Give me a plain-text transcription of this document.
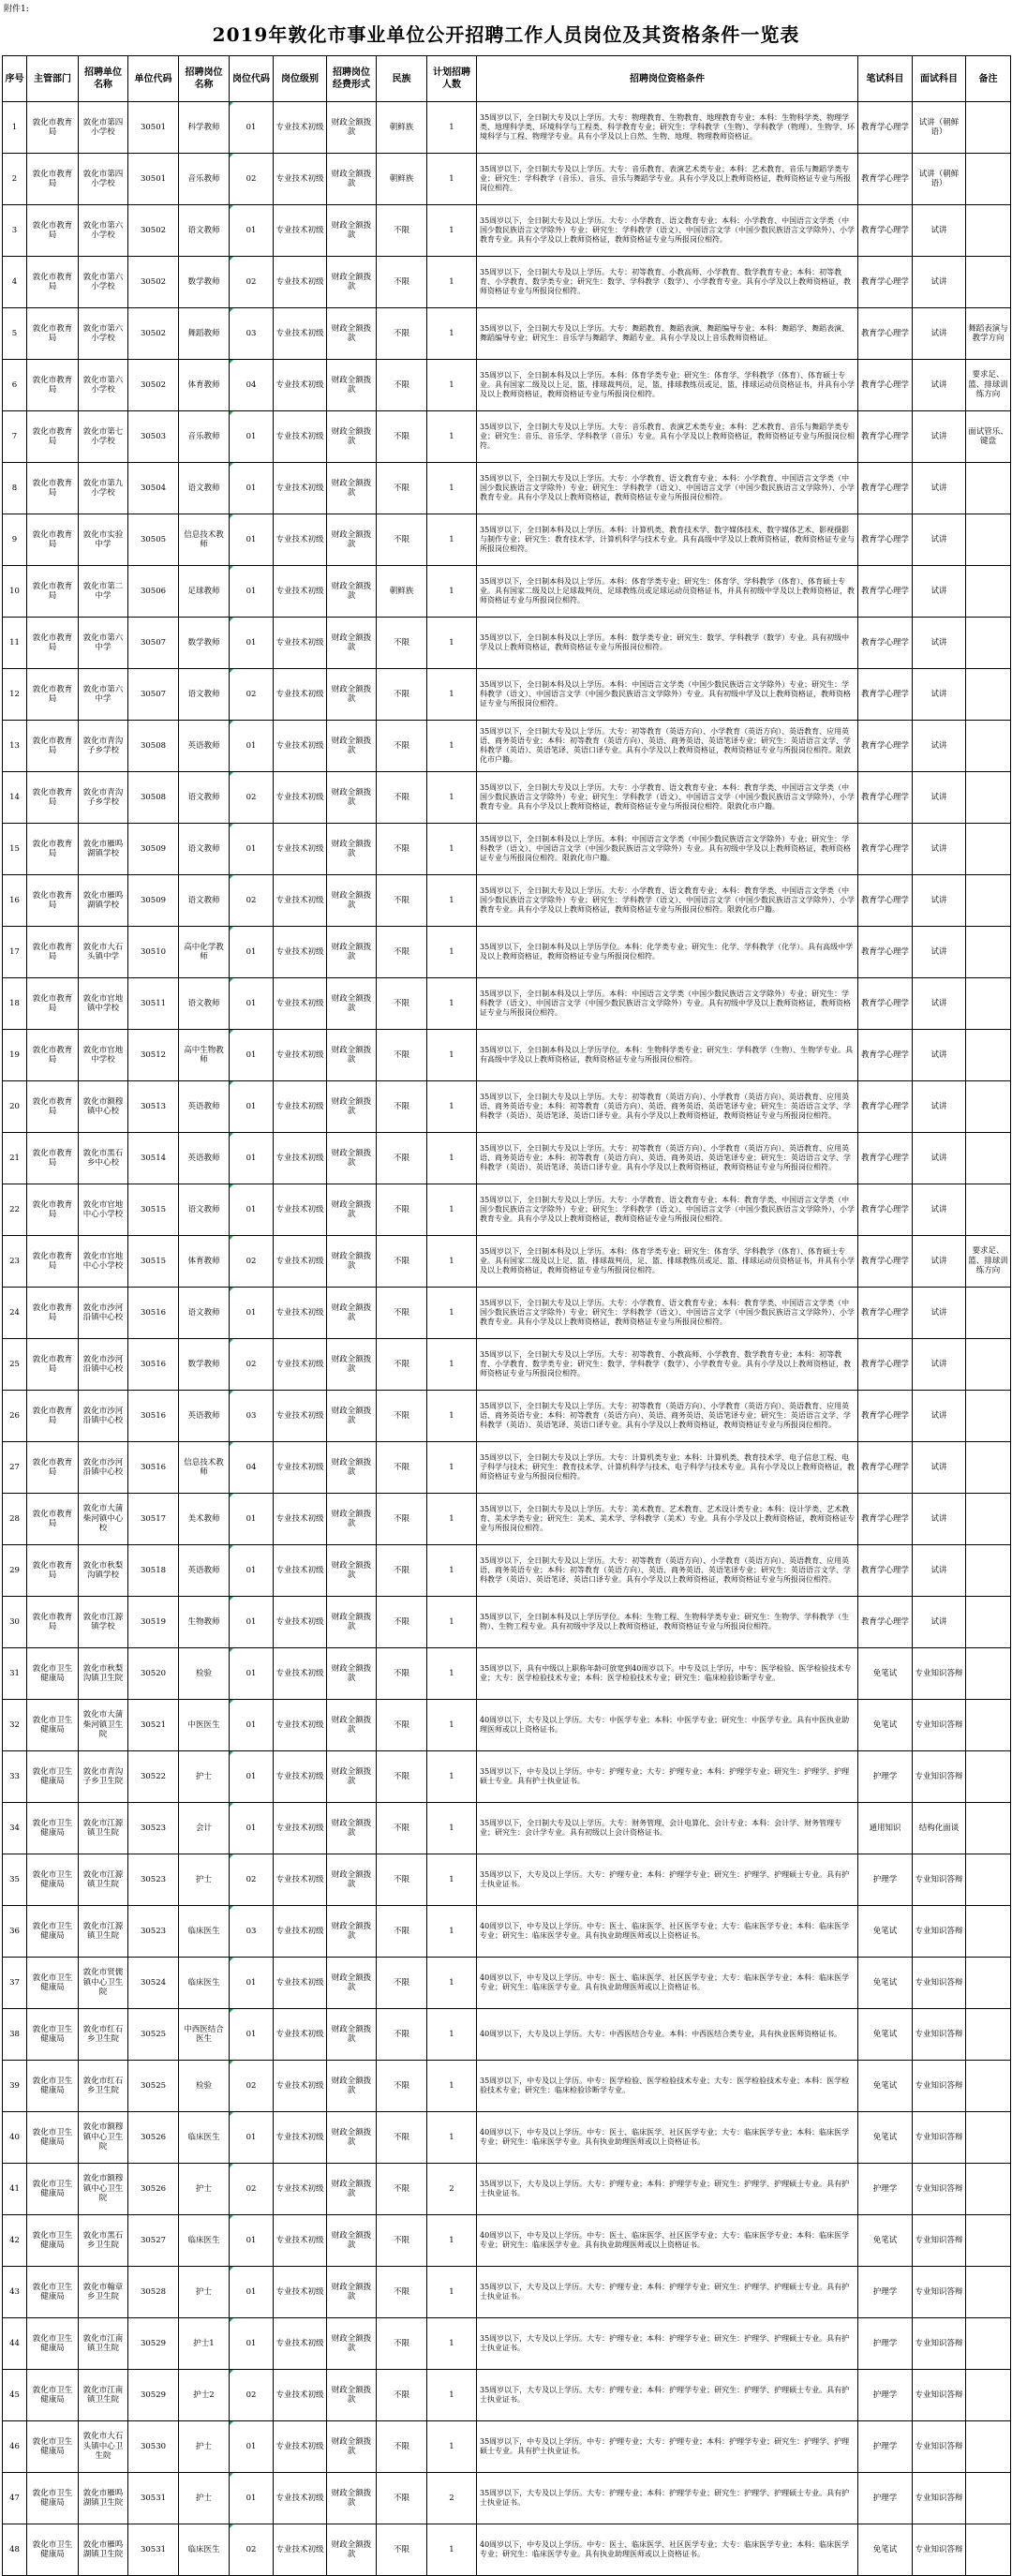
附件1:
2019年敦化市事业单位公开招聘工作人员岗位及其资格条件一览表
序号	主管部门	招聘单位名称	单位代码	招聘岗位名称	岗位代码	岗位级别	招聘岗位经费形式	民族	计划招聘人数	招聘岗位资格条件	笔试科目	面试科目	备注
1	敦化市教育局	敦化市第四小学校	30501	科学教师	01	专业技术初级	财政全额拨款	朝鲜族	1	35周岁以下，全日制大专及以上学历。大专：物理教育、生物教育、地理教育专业；本科：生物科学类、物理学类、地理科学类、环境科学与工程类、科学教育专业；研究生：学科教学（生物）、学科教学（物理）、生物学、环境科学与工程、物理学专业。具有小学及以上自然、生物、地理、物理教师资格证。	教育学心理学	试讲（朝鲜语）	
2	敦化市教育局	敦化市第四小学校	30501	音乐教师	02	专业技术初级	财政全额拨款	朝鲜族	1	35周岁以下，全日制大专及以上学历。大专：音乐教育、表演艺术类专业；本科：艺术教育、音乐与舞蹈学类专业；研究生：学科教学（音乐）、音乐、音乐与舞蹈学专业。具有小学及以上教师资格证，教师资格证专业与所报岗位相符。	教育学心理学	试讲（朝鲜语）	
3	敦化市教育局	敦化市第六小学校	30502	语文教师	01	专业技术初级	财政全额拨款	不限	1	35周岁以下，全日制大专及以上学历。大专：小学教育、语文教育专业；本科：小学教育、中国语言文学类（中国少数民族语言文学除外）专业；研究生：学科教学（语文）、中国语言文学（中国少数民族语言文学除外）、小学教育专业。具有小学及以上教师资格证，教师资格证专业与所报岗位相符。	教育学心理学	试讲	
4	敦化市教育局	敦化市第六小学校	30502	数学教师	02	专业技术初级	财政全额拨款	不限	1	35周岁以下，全日制大专及以上学历。大专：初等教育、小教高师、小学教育、数学教育专业；本科：初等教育、小学教育、数学类专业；研究生：数学、学科教学（数学）、小学教育专业。具有小学及以上教师资格证，教师资格证专业与所报岗位相符。	教育学心理学	试讲	
5	敦化市教育局	敦化市第六小学校	30502	舞蹈教师	03	专业技术初级	财政全额拨款	不限	1	35周岁以下，全日制大专及以上学历。大专：舞蹈教育、舞蹈表演、舞蹈编导专业；本科：舞蹈学、舞蹈表演、舞蹈编导专业；研究生：音乐学与舞蹈学、舞蹈专业。具有小学及以上音乐教师资格证。	教育学心理学	试讲	舞蹈表演与教学方向
6	敦化市教育局	敦化市第六小学校	30502	体育教师	04	专业技术初级	财政全额拨款	不限	1	35周岁以下，全日制本科及以上学历。本科：体育学类专业；研究生：体育学、学科教学（体育）、体育硕士专业。具有国家二级及以上足、篮、排球裁判员，足、篮、排球教练员或足、篮、排球运动员资格证书，并具有小学及以上教师资格证，教师资格证专业与所报岗位相符。	教育学心理学	试讲	要求足、篮、排球训练方向
7	敦化市教育局	敦化市第七小学校	30503	音乐教师	01	专业技术初级	财政全额拨款	不限	1	35周岁以下，全日制大专及以上学历。大专：音乐教育、表演艺术类专业；本科：艺术教育、音乐与舞蹈学类专业；研究生：音乐、音乐学、学科教学（音乐）专业。具有小学及以上教师资格证，教师资格证专业与所报岗位相符。	教育学心理学	试讲	面试管乐、键盘
8	敦化市教育局	敦化市第九小学校	30504	语文教师	01	专业技术初级	财政全额拨款	不限	1	35周岁以下，全日制大专及以上学历。大专：小学教育、语文教育专业；本科：小学教育、中国语言文学类（中国少数民族语言文学除外）专业；研究生：学科教学（语文）、中国语言文学（中国少数民族语言文学除外）、小学教育专业。具有小学及以上教师资格证，教师资格证专业与所报岗位相符。	教育学心理学	试讲	
9	敦化市教育局	敦化市实验中学	30505	信息技术教师	01	专业技术初级	财政全额拨款	不限	1	35周岁以下，全日制本科及以上学历。本科：计算机类、教育技术学、数字媒体技术、数字媒体艺术、影视摄影与制作专业；研究生：教育技术学、计算机科学与技术专业。具有高级中学及以上教师资格证，教师资格证专业与所报岗位相符。	教育学心理学	试讲	
10	敦化市教育局	敦化市第二中学	30506	足球教师	01	专业技术初级	财政全额拨款	朝鲜族	1	35周岁以下，全日制本科及以上学历。本科：体育学类专业；研究生：体育学、学科教学（体育）、体育硕士专业。具有国家二级及以上足球裁判员、足球教练员或足球运动员资格证书，并具有初级中学及以上教师资格证，教师资格证专业与所报岗位相符。	教育学心理学	试讲	
11	敦化市教育局	敦化市第六中学	30507	数学教师	01	专业技术初级	财政全额拨款	不限	1	35周岁以下，全日制本科及以上学历。本科：数学类专业；研究生：数学、学科教学（数学）专业。具有初级中学及以上教师资格证，教师资格证专业与所报岗位相符。	教育学心理学	试讲	
12	敦化市教育局	敦化市第六中学	30507	语文教师	02	专业技术初级	财政全额拨款	不限	1	35周岁以下，全日制本科及以上学历。本科：中国语言文学类（中国少数民族语言文学除外）专业；研究生：学科教学（语文）、中国语言文学（中国少数民族语言文学除外）专业。具有初级中学及以上教师资格证，教师资格证专业与所报岗位相符。	教育学心理学	试讲	
13	敦化市教育局	敦化市青沟子乡学校	30508	英语教师	01	专业技术初级	财政全额拨款	不限	1	35周岁以下，全日制大专及以上学历。大专：初等教育（英语方向）、小学教育（英语方向）、英语教育、应用英语、商务英语专业；本科：初等教育（英语方向）、英语、商务英语、英语笔译专业；研究生：英语语言文学、学科教学（英语）、英语笔译、英语口译专业。具有小学及以上教师资格证，教师资格证专业与所报岗位相符。限敦化市户籍。	教育学心理学	试讲	
14	敦化市教育局	敦化市青沟子乡学校	30508	语文教师	02	专业技术初级	财政全额拨款	不限	1	35周岁以下，全日制大专及以上学历。大专：小学教育、语文教育专业；本科：教育学类、中国语言文学类（中国少数民族语言文学除外）专业；研究生：学科教学（语文）、中国语言文学（中国少数民族语言文学除外）、小学教育专业。具有小学及以上教师资格证，教师资格证专业与所报岗位相符。限敦化市户籍。	教育学心理学	试讲	
15	敦化市教育局	敦化市雁鸣湖镇学校	30509	语文教师	01	专业技术初级	财政全额拨款	不限	1	35周岁以下，全日制本科及以上学历。本科：中国语言文学类（中国少数民族语言文学除外）专业；研究生：学科教学（语文）、中国语言文学（中国少数民族语言文学除外）专业。具有初级中学及以上教师资格证，教师资格证专业与所报岗位相符。限敦化市户籍。	教育学心理学	试讲	
16	敦化市教育局	敦化市雁鸣湖镇学校	30509	语文教师	02	专业技术初级	财政全额拨款	不限	1	35周岁以下，全日制大专及以上学历。大专：小学教育、语文教育专业；本科：教育学类、中国语言文学类（中国少数民族语言文学除外）专业；研究生：学科教学（语文）、中国语言文学（中国少数民族语言文学除外）、小学教育专业。具有小学及以上教师资格证，教师资格证专业与所报岗位相符。限敦化市户籍。	教育学心理学	试讲	
17	敦化市教育局	敦化市大石头镇中学	30510	高中化学教师	01	专业技术初级	财政全额拨款	不限	1	35周岁以下，全日制本科及以上学历学位。本科：化学类专业；研究生：化学、学科教学（化学）。具有高级中学及以上教师资格证，教师资格证专业与所报岗位相符。	教育学心理学	试讲	
18	敦化市教育局	敦化市官地镇中学校	30511	语文教师	01	专业技术初级	财政全额拨款	不限	1	35周岁以下，全日制本科及以上学历。本科：中国语言文学类（中国少数民族语言文学除外）专业；研究生：学科教学（语文）、中国语言文学（中国少数民族语言文学除外）专业。具有初级中学及以上教师资格证，教师资格证专业与所报岗位相符。	教育学心理学	试讲	
19	敦化市教育局	敦化市官地中学校	30512	高中生物教师	01	专业技术初级	财政全额拨款	不限	1	35周岁以下，全日制本科及以上学历学位。本科：生物科学类专业；研究生：学科教学（生物）、生物学专业。具有高级中学及以上教师资格证，教师资格证专业与所报岗位相符。	教育学心理学	试讲	
20	敦化市教育局	敦化市额穆镇中心校	30513	英语教师	01	专业技术初级	财政全额拨款	不限	1	35周岁以下，全日制大专及以上学历。大专：初等教育（英语方向）、小学教育（英语方向）、英语教育、应用英语、商务英语专业；本科：初等教育（英语方向）、英语、商务英语、英语笔译专业；研究生：英语语言文学、学科教学（英语）、英语笔译、英语口译专业。具有小学及以上教师资格证，教师资格证专业与所报岗位相符。	教育学心理学	试讲	
21	敦化市教育局	敦化市黑石乡中心校	30514	英语教师	01	专业技术初级	财政全额拨款	不限	1	35周岁以下，全日制大专及以上学历。大专：初等教育（英语方向）、小学教育（英语方向）、英语教育、应用英语、商务英语专业；本科：初等教育（英语方向）、英语、商务英语、英语笔译专业；研究生：英语语言文学、学科教学（英语）、英语笔译、英语口译专业。具有小学及以上教师资格证，教师资格证专业与所报岗位相符。	教育学心理学	试讲	
22	敦化市教育局	敦化市官地中心小学校	30515	语文教师	01	专业技术初级	财政全额拨款	不限	1	35周岁以下，全日制大专及以上学历。大专：小学教育、语文教育专业；本科：教育学类、中国语言文学类（中国少数民族语言文学除外）专业；研究生：学科教学（语文）、中国语言文学（中国少数民族语言文学除外）、小学教育专业。具有小学及以上教师资格证，教师资格证专业与所报岗位相符。	教育学心理学	试讲	
23	敦化市教育局	敦化市官地中心小学校	30515	体育教师	02	专业技术初级	财政全额拨款	不限	1	35周岁以下，全日制本科及以上学历。本科：体育学类专业；研究生：体育学、学科教学（体育）、体育硕士专业。具有国家二级及以上足、篮、排球裁判员，足、篮、排球教练员或足、篮、排球运动员资格证书，并具有小学及以上教师资格证，教师资格证专业与所报岗位相符。	教育学心理学	试讲	要求足、篮、排球训练方向
24	敦化市教育局	敦化市沙河沿镇中心校	30516	语文教师	01	专业技术初级	财政全额拨款	不限	1	35周岁以下，全日制大专及以上学历。大专：小学教育、语文教育专业；本科：教育学类、中国语言文学类（中国少数民族语言文学除外）专业；研究生：学科教学（语文）、中国语言文学（中国少数民族语言文学除外）、小学教育专业。具有小学及以上教师资格证，教师资格证专业与所报岗位相符。	教育学心理学	试讲	
25	敦化市教育局	敦化市沙河沿镇中心校	30516	数学教师	02	专业技术初级	财政全额拨款	不限	1	35周岁以下，全日制大专及以上学历。大专：初等教育、小教高师、小学教育、数学教育专业；本科：初等教育、小学教育、数学类专业；研究生：数学、学科教学（数学）、小学教育专业。具有小学及以上教师资格证，教师资格证专业与所报岗位相符。	教育学心理学	试讲	
26	敦化市教育局	敦化市沙河沿镇中心校	30516	英语教师	03	专业技术初级	财政全额拨款	不限	1	35周岁以下，全日制大专及以上学历。大专：初等教育（英语方向）、小学教育（英语方向）、英语教育、应用英语、商务英语专业；本科：初等教育（英语方向）、英语、商务英语、英语笔译专业；研究生：英语语言文学、学科教学（英语）、英语笔译、英语口译专业。具有小学及以上教师资格证，教师资格证专业与所报岗位相符。	教育学心理学	试讲	
27	敦化市教育局	敦化市沙河沿镇中心校	30516	信息技术教师	04	专业技术初级	财政全额拨款	不限	1	35周岁以下，全日制大专及以上学历。大专：计算机类专业；本科：计算机类、教育技术学、电子信息工程、电子科学与技术；研究生：教育技术学、计算机科学与技术、电子科学与技术专业。具有小学及以上教师资格证，教师资格证专业与所报岗位相符。	教育学心理学	试讲	
28	敦化市教育局	敦化市大蒲柴河镇中心校	30517	美术教师	01	专业技术初级	财政全额拨款	不限	1	35周岁以下，全日制大专及以上学历。大专：美术教育、艺术教育、艺术设计类专业；本科：设计学类、艺术教育、美术学类专业；研究生：美术、美术学、学科教学（美术）专业。具有小学及以上教师资格证，教师资格证专业与所报岗位相符。	教育学心理学	试讲	
29	敦化市教育局	敦化市秋梨沟镇学校	30518	英语教师	01	专业技术初级	财政全额拨款	不限	1	35周岁以下，全日制大专及以上学历。大专：初等教育（英语方向）、小学教育（英语方向）、英语教育、应用英语、商务英语专业；本科：初等教育（英语方向）、英语、商务英语、英语笔译专业；研究生：英语语言文学、学科教学（英语）、英语笔译、英语口译专业。具有小学及以上教师资格证，教师资格证专业与所报岗位相符。	教育学心理学	试讲	
30	敦化市教育局	敦化市江源镇学校	30519	生物教师	01	专业技术初级	财政全额拨款	不限	1	35周岁以下，全日制本科及以上学历学位。本科：生物工程、生物科学类专业；研究生：生物学、学科教学（生物）、生物工程专业。具有初级中学及以上教师资格证，教师资格证专业与所报岗位相符。	教育学心理学	试讲	
31	敦化市卫生健康局	敦化市秋梨沟镇卫生院	30520	检验	01	专业技术初级	财政全额拨款	不限	1	35周岁以下，具有中级以上职称年龄可放宽到40周岁以下。中专及以上学历，中专：医学检验、医学检验技术专业；大专：医学检验技术专业；本科：医学检验技术专业；研究生：临床检验诊断学专业。	免笔试	专业知识答辩	
32	敦化市卫生健康局	敦化市大蒲柴河镇卫生院	30521	中医医生	01	专业技术初级	财政全额拨款	不限	1	40周岁以下，大专及以上学历。大专：中医学专业；本科：中医学专业；研究生：中医学专业。具有中医执业助理医师或以上资格证书。	免笔试	专业知识答辩	
33	敦化市卫生健康局	敦化市青沟子乡卫生院	30522	护士	01	专业技术初级	财政全额拨款	不限	1	35周岁以下，中专及以上学历。中专：护理专业；大专：护理专业；本科：护理学专业；研究生：护理学、护理硕士专业。具有护士执业证书。	护理学	专业知识答辩	
34	敦化市卫生健康局	敦化市江源镇卫生院	30523	会计	01	专业技术初级	财政全额拨款	不限	1	35周岁以下，全日制大专及以上学历。大专：财务管理、会计电算化、会计专业；本科：会计学、财务管理专业；研究生：会计学专业。具有初级以上会计资格证书。	通用知识	结构化面谈	
35	敦化市卫生健康局	敦化市江源镇卫生院	30523	护士	02	专业技术初级	财政全额拨款	不限	1	35周岁以下，大专及以上学历。大专：护理专业；本科：护理学专业；研究生：护理学、护理硕士专业。具有护士执业证书。	护理学	专业知识答辩	
36	敦化市卫生健康局	敦化市江源镇卫生院	30523	临床医生	03	专业技术初级	财政全额拨款	不限	1	40周岁以下，中专及以上学历。中专：医士、临床医学、社区医学专业；大专：临床医学专业；本科：临床医学专业；研究生：临床医学专业。具有执业助理医师或以上资格证书。	免笔试	专业知识答辩	
37	敦化市卫生健康局	敦化市贤儒镇中心卫生院	30524	临床医生	01	专业技术初级	财政全额拨款	不限	1	40周岁以下，中专及以上学历。中专：医士、临床医学、社区医学专业；大专：临床医学专业；本科：临床医学专业；研究生：临床医学专业。具有执业助理医师或以上资格证书。	免笔试	专业知识答辩	
38	敦化市卫生健康局	敦化市红石乡卫生院	30525	中西医结合医生	01	专业技术初级	财政全额拨款	不限	1	40周岁以下，大专及以上学历。大专：中西医结合专业。本科：中西医结合类专业，具有执业医师资格证书。	免笔试	专业知识答辩	
39	敦化市卫生健康局	敦化市红石乡卫生院	30525	检验	02	专业技术初级	财政全额拨款	不限	1	35周岁以下，中专及以上学历。中专：医学检验、医学检验技术专业；大专：医学检验技术专业；本科：医学检验技术专业；研究生：临床检验诊断学专业。	免笔试	专业知识答辩	
40	敦化市卫生健康局	敦化市额穆镇中心卫生院	30526	临床医生	01	专业技术初级	财政全额拨款	不限	1	40周岁以下，中专及以上学历。中专：医士、临床医学、社区医学专业；大专：临床医学专业；本科：临床医学专业；研究生：临床医学专业。具有执业助理医师或以上资格证书。	免笔试	专业知识答辩	
41	敦化市卫生健康局	敦化市额穆镇中心卫生院	30526	护士	02	专业技术初级	财政全额拨款	不限	2	35周岁以下，大专及以上学历。大专：护理专业；本科：护理学专业；研究生：护理学、护理硕士专业。具有护士执业证书。	护理学	专业知识答辩	
42	敦化市卫生健康局	敦化市黑石乡卫生院	30527	临床医生	01	专业技术初级	财政全额拨款	不限	1	40周岁以下，中专及以上学历。中专：医士、临床医学、社区医学专业；大专：临床医学专业；本科：临床医学专业；研究生：临床医学专业。具有执业助理医师或以上资格证书。	免笔试	专业知识答辩	
43	敦化市卫生健康局	敦化市翰章乡卫生院	30528	护士	01	专业技术初级	财政全额拨款	不限	1	35周岁以下，大专及以上学历。大专：护理专业；本科：护理学专业；研究生：护理学、护理硕士专业。具有护士执业证书。	护理学	专业知识答辩	
44	敦化市卫生健康局	敦化市江南镇卫生院	30529	护士1	01	专业技术初级	财政全额拨款	不限	1	35周岁以下，大专及以上学历。大专：护理专业；本科：护理学专业；研究生：护理学、护理硕士专业。具有护士执业证书。	护理学	专业知识答辩	
45	敦化市卫生健康局	敦化市江南镇卫生院	30529	护士2	02	专业技术初级	财政全额拨款	不限	1	35周岁以下，大专及以上学历。大专：护理专业；本科：护理学专业；研究生：护理学、护理硕士专业。具有护士执业证书。	护理学	专业知识答辩	
46	敦化市卫生健康局	敦化市大石头镇中心卫生院	30530	护士	01	专业技术初级	财政全额拨款	不限	1	35周岁以下，中专及以上学历。中专：护理专业；大专：护理专业；本科：护理学专业；研究生：护理学、护理硕士专业。具有护士执业证书。	护理学	专业知识答辩	
47	敦化市卫生健康局	敦化市雁鸣湖镇卫生院	30531	护士	01	专业技术初级	财政全额拨款	不限	2	35周岁以下，大专及以上学历。大专：护理专业；本科：护理学专业；研究生：护理学、护理硕士专业。具有护士执业证书。	护理学	专业知识答辩	
48	敦化市卫生健康局	敦化市雁鸣湖镇卫生院	30531	临床医生	02	专业技术初级	财政全额拨款	不限	1	40周岁以下，中专及以上学历。中专：医士、临床医学、社区医学专业；大专：临床医学专业；本科：临床医学专业；研究生：临床医学专业。具有执业助理医师或以上资格证书。	免笔试	专业知识答辩	
